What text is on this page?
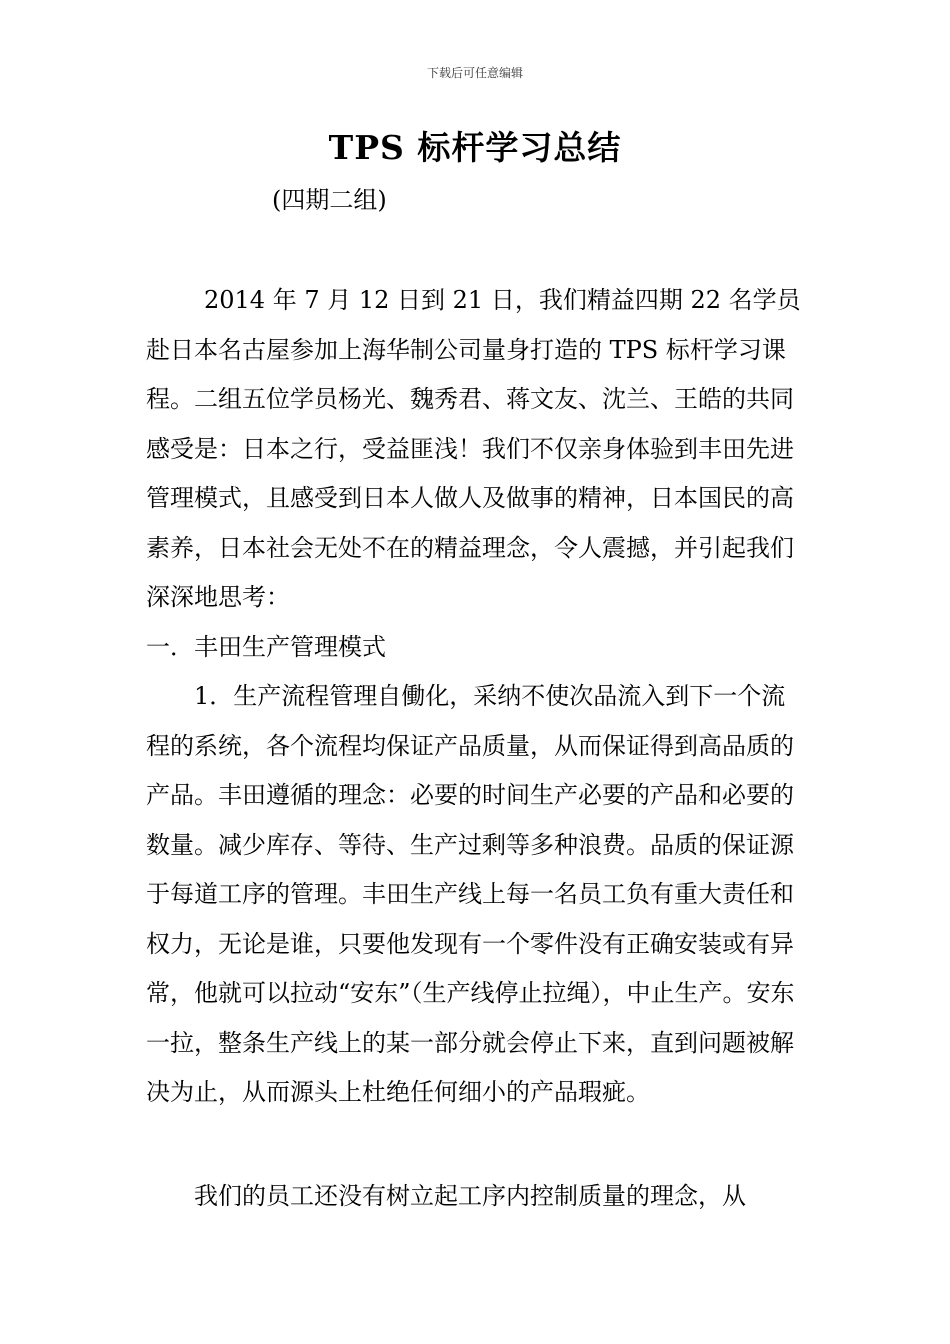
下载后可任意编辑
TPS 标杆学习总结
(四期二组)

2014 年 7 月 12 日到 21 日，我们精益四期 22 名学员赴日本名古屋参加上海华制公司量身打造的 TPS 标杆学习课程。二组五位学员杨光、魏秀君、蒋文友、沈兰、王皓的共同感受是：日本之行，受益匪浅！我们不仅亲身体验到丰田先进管理模式，且感受到日本人做人及做事的精神，日本国民的高素养，日本社会无处不在的精益理念，令人震撼，并引起我们深深地思考：

一．丰田生产管理模式

1．生产流程管理自働化，采纳不使次品流入到下一个流程的系统，各个流程均保证产品质量，从而保证得到高品质的产品。丰田遵循的理念：必要的时间生产必要的产品和必要的数量。减少库存、等待、生产过剩等多种浪费。品质的保证源于每道工序的管理。丰田生产线上每一名员工负有重大责任和权力，无论是谁，只要他发现有一个零件没有正确安装或有异常，他就可以拉动“安东”（生产线停止拉绳），中止生产。安东一拉，整条生产线上的某一部分就会停止下来，直到问题被解决为止，从而源头上杜绝任何细小的产品瑕疵。

我们的员工还没有树立起工序内控制质量的理念，从
